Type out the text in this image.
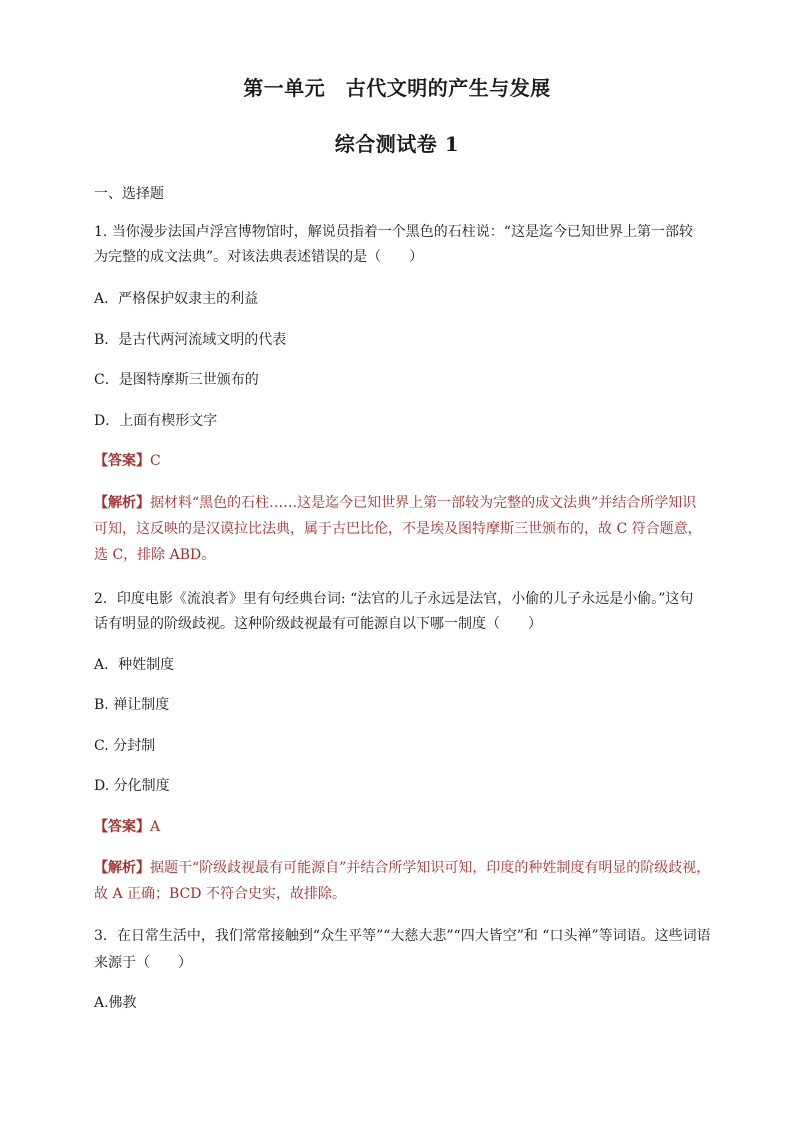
第一单元　古代文明的产生与发展
综合测试卷 1
一、选择题
1. 当你漫步法国卢浮宫博物馆时，解说员指着一个黑色的石柱说：“这是迄今已知世界上第一部较
为完整的成文法典”。对该法典表述错误的是（　　）
A．严格保护奴隶主的利益
B．是古代两河流域文明的代表
C．是图特摩斯三世颁布的
D．上面有楔形文字
【答案】C
【解析】据材料“黑色的石柱……这是迄今已知世界上第一部较为完整的成文法典”并结合所学知识
可知，这反映的是汉谟拉比法典，属于古巴比伦，不是埃及图特摩斯三世颁布的，故 C 符合题意，
选 C，排除 ABD。
2．印度电影《流浪者》里有句经典台词: “法官的儿子永远是法官，小偷的儿子永远是小偷。”这句
话有明显的阶级歧视。这种阶级歧视最有可能源自以下哪一制度（　　）
A．种姓制度
B. 禅让制度
C. 分封制
D. 分化制度
【答案】A
【解析】据题干“阶级歧视最有可能源自”并结合所学知识可知，印度的种姓制度有明显的阶级歧视，
故 A 正确；BCD 不符合史实，故排除。
3．在日常生活中，我们常常接触到“众生平等”“大慈大悲”“四大皆空”和 “口头禅”等词语。这些词语
来源于（　　）
A.佛教
